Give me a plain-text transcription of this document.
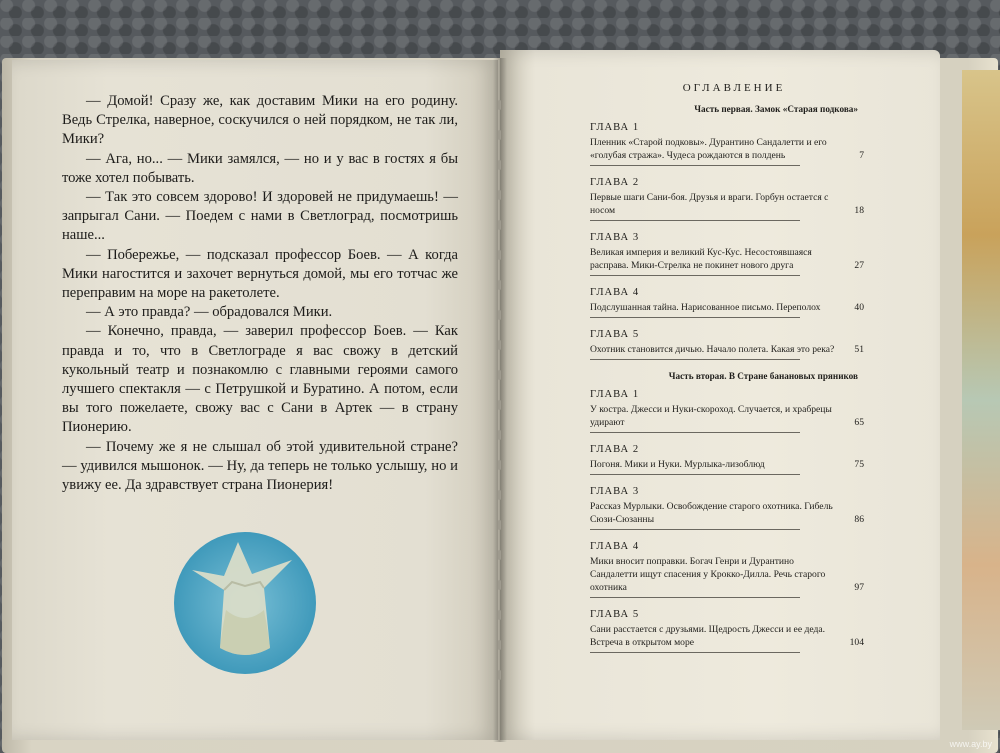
— Домой! Сразу же, как доставим Мики на его родину. Ведь Стрелка, наверное, соскучился о ней порядком, не так ли, Мики?

— Ага, но... — Мики замялся, — но и у вас в гостях я бы тоже хотел побывать.

— Так это совсем здорово! И здоровей не придумаешь! — запрыгал Сани. — Поедем с нами в Светлоград, посмотришь наше...

— Побережье, — подсказал профессор Боев. — А когда Мики нагостится и захочет вернуться домой, мы его тотчас же переправим на море на ракетолете.

— А это правда? — обрадовался Мики.

— Конечно, правда, — заверил профессор Боев. — Как правда и то, что в Светлограде я вас свожу в детский кукольный театр и познакомлю с главными героями самого лучшего спектакля — с Петрушкой и Буратино. А потом, если вы того пожелаете, свожу вас с Сани в Артек — в страну Пионерию.

— Почему же я не слышал об этой удивительной стране? — удивился мышонок. — Ну, да теперь не только услышу, но и увижу ее. Да здравствует страна Пионерия!

ОГЛАВЛЕНИЕ
Часть первая. Замок «Старая подкова»
ГЛАВА 1
Пленник «Старой подковы». Дурантино Сандалетти и его «голубая стража». Чудеса рождаются в полдень	7
ГЛАВА 2
Первые шаги Сани-боя. Друзья и враги. Горбун остается с носом	18
ГЛАВА 3
Великая империя и великий Кус-Кус. Несостоявшаяся расправа. Мики-Стрелка не покинет нового друга	27
ГЛАВА 4
Подслушанная тайна. Нарисованное письмо. Переполох	40
ГЛАВА 5
Охотник становится дичью. Начало полета. Какая это река? 51
Часть вторая. В Стране банановых пряников
ГЛАВА 1
У костра. Джесси и Нуки-скороход. Случается, и храбрецы удирают	65
ГЛАВА 2
Погоня. Мики и Нуки. Мурлыка-лизоблюд	75
ГЛАВА 3
Рассказ Мурлыки. Освобождение старого охотника. Гибель Сюзи-Сюзанны	86
ГЛАВА 4
Мики вносит поправки. Богач Генри и Дурантино Сандалетти ищут спасения у Крокко-Дилла. Речь старого охотника	97
ГЛАВА 5
Сани расстается с друзьями. Щедрость Джесси и ее деда. Встреча в открытом море	104
www.ay.by
